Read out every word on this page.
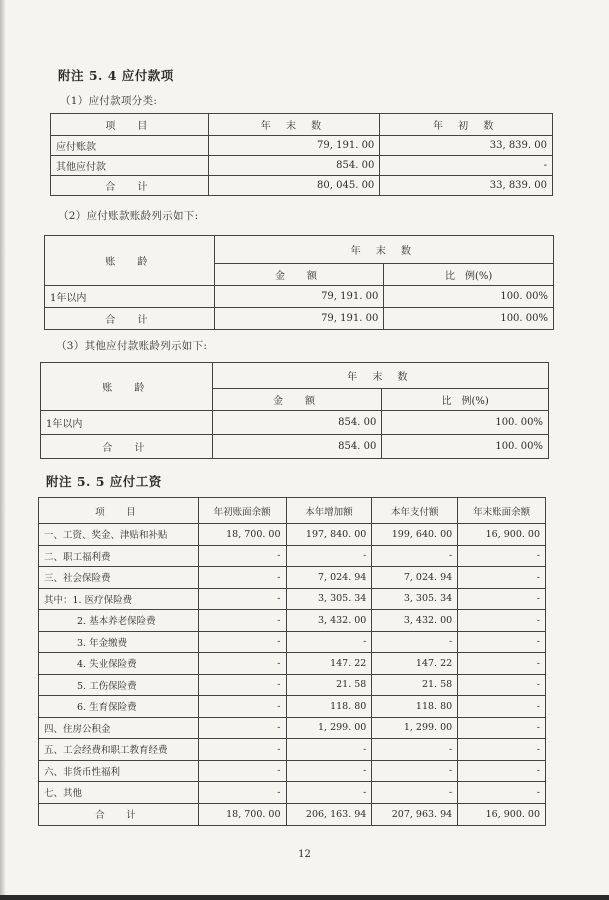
附注 5. 4 应付款项
（1）应付款项分类:
项　目	年 末 数	年 初 数
应付账款	79, 191. 00	33, 839. 00
其他应付款	854. 00	-
合　计	80, 045. 00	33, 839. 00
（2）应付账款账龄列示如下:
账　龄	年 末 数	
	金　额	比　例(%)
1年以内	79, 191. 00	100. 00%
合　计	79, 191. 00	100. 00%
（3）其他应付款账龄列示如下:
账　龄	年 末 数	
	金　额	比　例(%)
1年以内	854. 00	100. 00%
合　计	854. 00	100. 00%
附注 5. 5 应付工资
项　目	年初账面余额	本年增加额	本年支付额	年末账面余额
一、工资、奖金、津贴和补贴	18, 700. 00	197, 840. 00	199, 640. 00	16, 900. 00
二、职工福利费	-	-	-	-
三、社会保险费	-	7, 024. 94	7, 024. 94	-
其中：1. 医疗保险费	-	3, 305. 34	3, 305. 34	-
2. 基本养老保险费	-	3, 432. 00	3, 432. 00	-
3. 年金缴费	-	-	-	-
4. 失业保险费	-	147. 22	147. 22	-
5. 工伤保险费	-	21. 58	21. 58	-
6. 生育保险费	-	118. 80	118. 80	-
四、住房公积金	-	1, 299. 00	1, 299. 00	-
五、工会经费和职工教育经费	-	-	-	-
六、非货币性福利	-	-	-	-
七、其他	-	-	-	-
合　计	18, 700. 00	206, 163. 94	207, 963. 94	16, 900. 00
12
